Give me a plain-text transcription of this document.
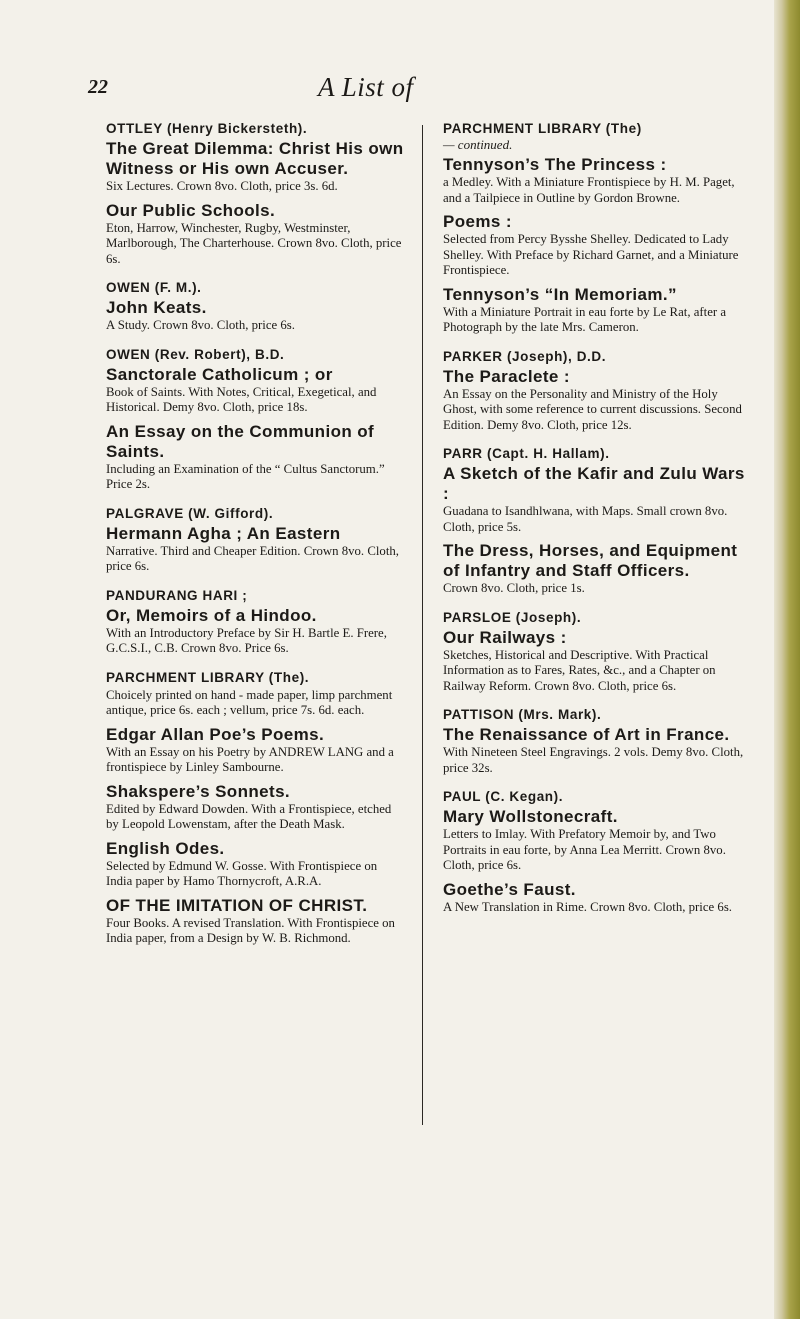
22	A List of
OTTLEY (Henry Bickersteth).
The Great Dilemma: Christ His own Witness or His own Accuser.
Six Lectures. Crown 8vo. Cloth, price 3s. 6d.
Our Public Schools.
Eton, Harrow, Winchester, Rugby, Westminster, Marlborough, The Charterhouse. Crown 8vo. Cloth, price 6s.
OWEN (F. M.).
John Keats.
A Study. Crown 8vo. Cloth, price 6s.
OWEN (Rev. Robert), B.D.
Sanctorale Catholicum ; or
Book of Saints. With Notes, Critical, Exegetical, and Historical. Demy 8vo. Cloth, price 18s.
An Essay on the Communion of Saints.
Including an Examination of the “ Cultus Sanctorum.” Price 2s.
PALGRAVE (W. Gifford).
Hermann Agha ; An Eastern
Narrative. Third and Cheaper Edition. Crown 8vo. Cloth, price 6s.
PANDURANG HARI ;
Or, Memoirs of a Hindoo.
With an Introductory Preface by Sir H. Bartle E. Frere, G.C.S.I., C.B. Crown 8vo. Price 6s.
PARCHMENT LIBRARY (The).
Choicely printed on hand - made paper, limp parchment antique, price 6s. each ; vellum, price 7s. 6d. each.
Edgar Allan Poe’s Poems.
With an Essay on his Poetry by ANDREW LANG and a frontispiece by Linley Sambourne.
Shakspere’s Sonnets.
Edited by Edward Dowden. With a Frontispiece, etched by Leopold Lowenstam, after the Death Mask.
English Odes.
Selected by Edmund W. Gosse. With Frontispiece on India paper by Hamo Thornycroft, A.R.A.
OF THE IMITATION OF CHRIST.
Four Books. A revised Translation. With Frontispiece on India paper, from a Design by W. B. Richmond.
PARCHMENT LIBRARY (The)
— continued.
Tennyson’s The Princess :
a Medley. With a Miniature Frontispiece by H. M. Paget, and a Tailpiece in Outline by Gordon Browne.
Poems :
Selected from Percy Bysshe Shelley. Dedicated to Lady Shelley. With Preface by Richard Garnet, and a Miniature Frontispiece.
Tennyson’s “In Memoriam.”
With a Miniature Portrait in eau forte by Le Rat, after a Photograph by the late Mrs. Cameron.
PARKER (Joseph), D.D.
The Paraclete :
An Essay on the Personality and Ministry of the Holy Ghost, with some reference to current discussions. Second Edition. Demy 8vo. Cloth, price 12s.
PARR (Capt. H. Hallam).
A Sketch of the Kafir and Zulu Wars :
Guadana to Isandhlwana, with Maps. Small crown 8vo. Cloth, price 5s.
The Dress, Horses, and Equipment of Infantry and Staff Officers.
Crown 8vo. Cloth, price 1s.
PARSLOE (Joseph).
Our Railways :
Sketches, Historical and Descriptive. With Practical Information as to Fares, Rates, &c., and a Chapter on Railway Reform. Crown 8vo. Cloth, price 6s.
PATTISON (Mrs. Mark).
The Renaissance of Art in France.
With Nineteen Steel Engravings. 2 vols. Demy 8vo. Cloth, price 32s.
PAUL (C. Kegan).
Mary Wollstonecraft.
Letters to Imlay. With Prefatory Memoir by, and Two Portraits in eau forte, by Anna Lea Merritt. Crown 8vo. Cloth, price 6s.
Goethe’s Faust.
A New Translation in Rime. Crown 8vo. Cloth, price 6s.
